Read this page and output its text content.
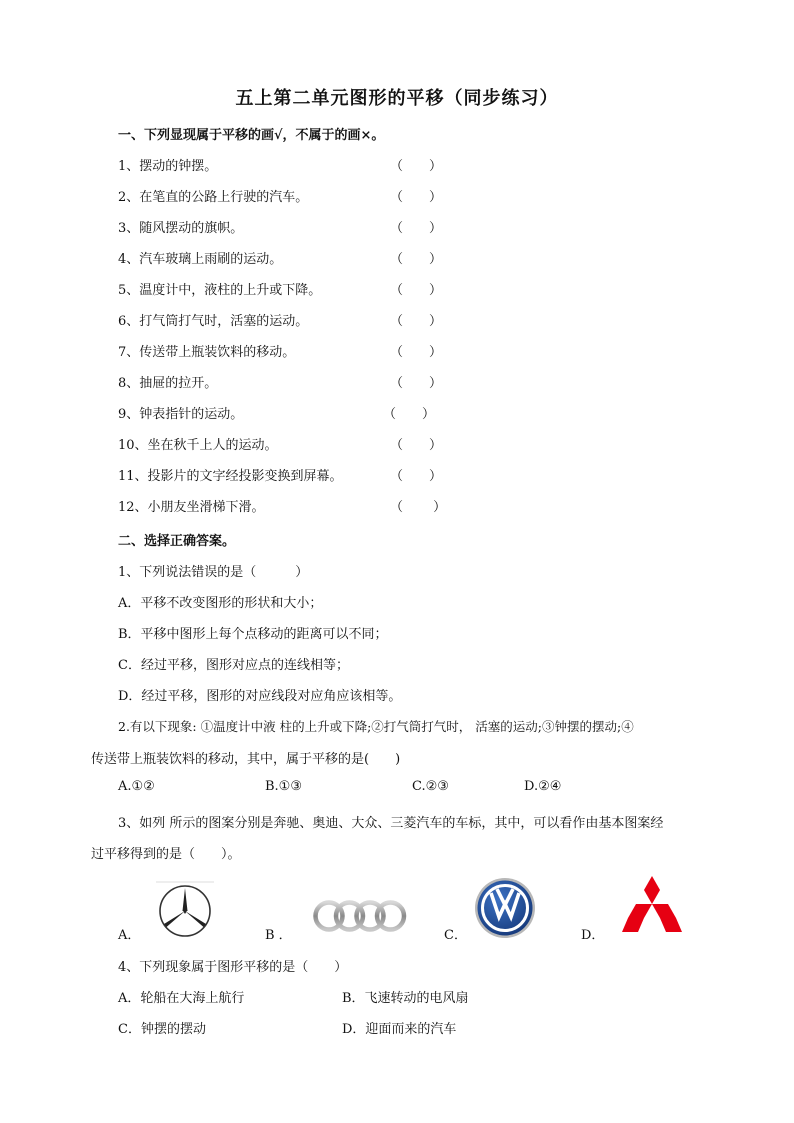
五上第二单元图形的平移（同步练习）
一、下列显现属于平移的画√，不属于的画×。
1、摆动的钟摆。	（　　）
2、在笔直的公路上行驶的汽车。	（　　）
3、随风摆动的旗帜。	（　　）
4、汽车玻璃上雨刷的运动。	（　　）
5、温度计中，液柱的上升或下降。	（　　）
6、打气筒打气时，活塞的运动。	（　　）
7、传送带上瓶装饮料的移动。	（　　）
8、抽屉的拉开。	（　　）
9、钟表指针的运动。	（　　）
10、坐在秋千上人的运动。	（　　）
11、投影片的文字经投影变换到屏幕。	（　　）
12、小朋友坐滑梯下滑。	（　　 ）
二、选择正确答案。
1、下列说法错误的是（　　　）
A．平移不改变图形的形状和大小；
B．平移中图形上每个点移动的距离可以不同；
C．经过平移，图形对应点的连线相等；
D．经过平移，图形的对应线段对应角应该相等。
2.有以下现象: ①温度计中液 柱的上升或下降;②打气筒打气时， 活塞的运动;③钟摆的摆动;④
传送带上瓶装饮料的移动，其中，属于平移的是(　　)
A.①②	B.①③	C.②③	D.②④
3、如列 所示的图案分别是奔驰、奥迪、大众、三菱汽车的车标，其中，可以看作由基本图案经
过平移得到的是（　　）。
A．	B ．	C．	D．
4、下列现象属于图形平移的是（　　）
A．轮船在大海上航行	B．飞速转动的电风扇
C．钟摆的摆动	D．迎面而来的汽车
